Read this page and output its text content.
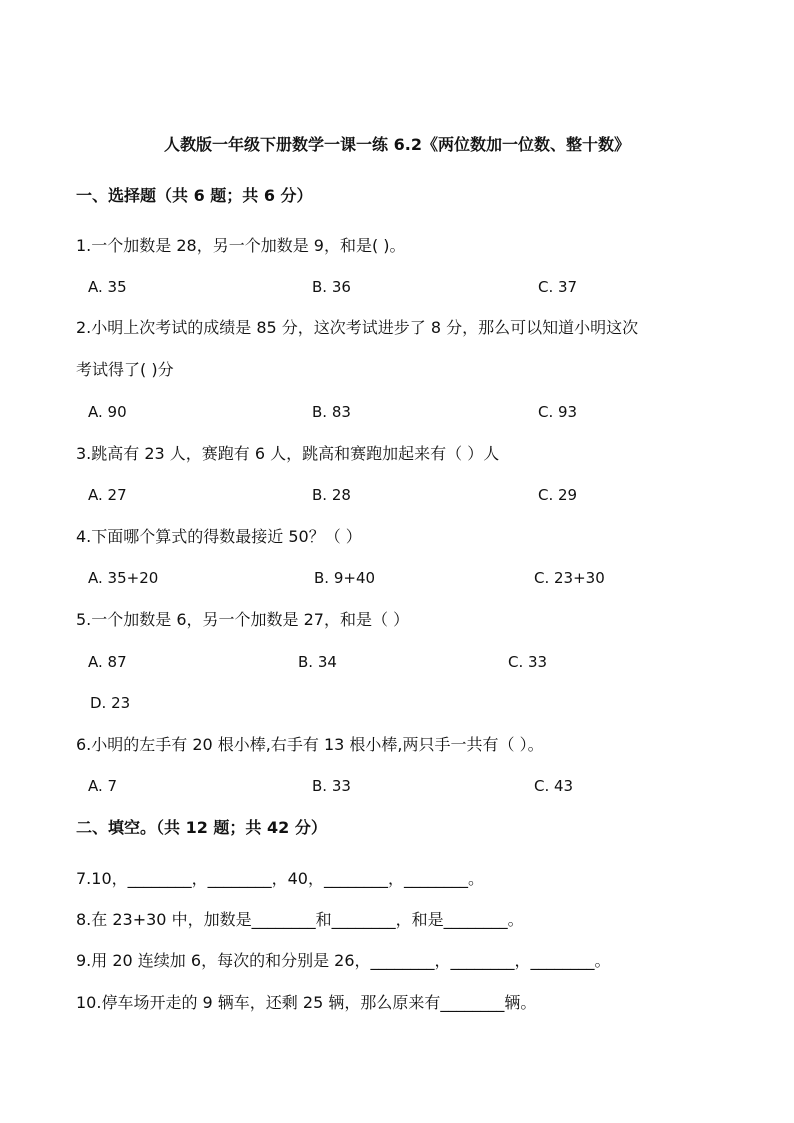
人教版一年级下册数学一课一练 6.2《两位数加一位数、整十数》
一、选择题（共 6 题；共 6 分）
1.一个加数是 28，另一个加数是 9，和是( )。
A. 35	B. 36	C. 37
2.小明上次考试的成绩是 85 分，这次考试进步了 8 分，那么可以知道小明这次
考试得了( )分
A. 90	B. 83	C. 93
3.跳高有 23 人，赛跑有 6 人，跳高和赛跑加起来有（ ）人
A. 27	B. 28	C. 29
4.下面哪个算式的得数最接近 50？（ ）
A. 35+20	B. 9+40	C. 23+30
5.一个加数是 6，另一个加数是 27，和是（ ）
A. 87	B. 34	C. 33
D. 23
6.小明的左手有 20 根小棒,右手有 13 根小棒,两只手一共有（ ）。
A. 7	B. 33	C. 43
二、填空。（共 12 题；共 42 分）
7.10，________，________，40，________，________。
8.在 23+30 中，加数是________和________，和是________。
9.用 20 连续加 6，每次的和分别是 26，________，________，________。
10.停车场开走的 9 辆车，还剩 25 辆，那么原来有________辆。
